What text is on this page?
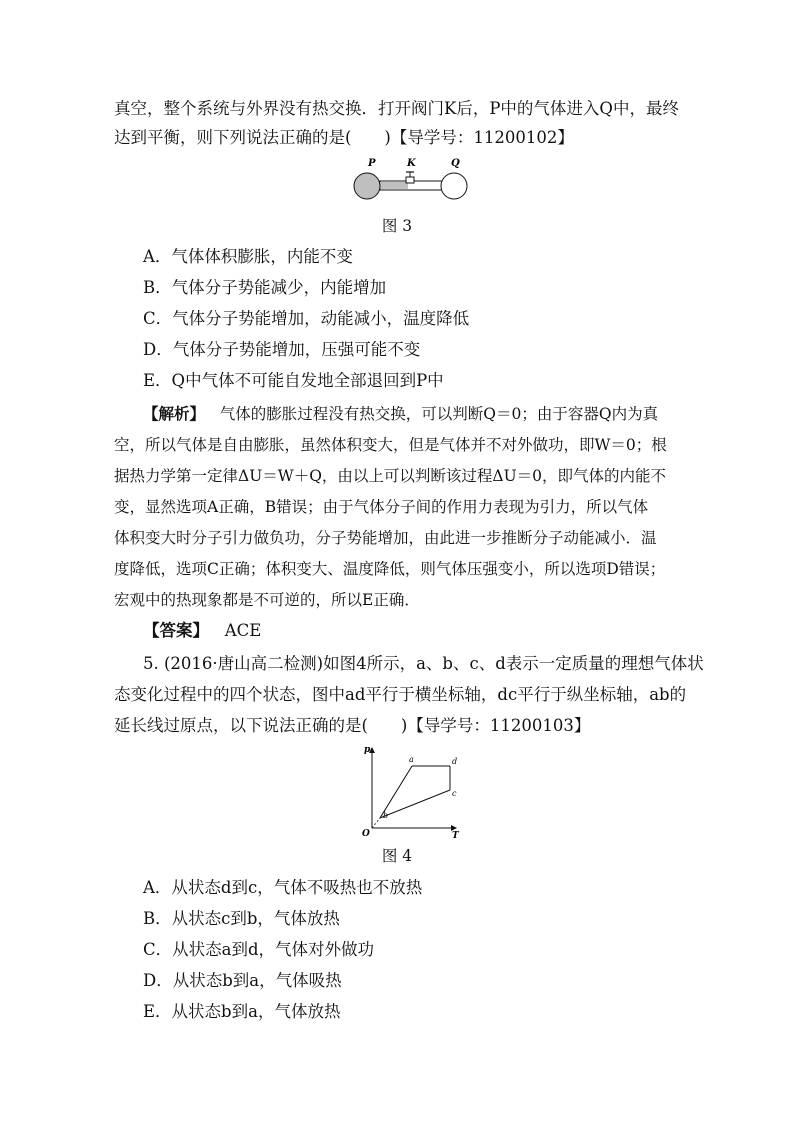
真空，整个系统与外界没有热交换．打开阀门K后，P中的气体进入Q中，最终
达到平衡，则下列说法正确的是(　　)【导学号：11200102】
P	K	Q
图 3
A．气体体积膨胀，内能不变
B．气体分子势能减少，内能增加
C．气体分子势能增加，动能减小，温度降低
D．气体分子势能增加，压强可能不变
E．Q中气体不可能自发地全部退回到P中
【解析】 气体的膨胀过程没有热交换，可以判断Q＝0；由于容器Q内为真
空，所以气体是自由膨胀，虽然体积变大，但是气体并不对外做功，即W＝0；根
据热力学第一定律ΔU＝W＋Q，由以上可以判断该过程ΔU＝0，即气体的内能不
变，显然选项A正确，B错误；由于气体分子间的作用力表现为引力，所以气体
体积变大时分子引力做负功，分子势能增加，由此进一步推断分子动能减小．温
度降低，选项C正确；体积变大、温度降低，则气体压强变小，所以选项D错误；
宏观中的热现象都是不可逆的，所以E正确．
【答案】 ACE
5. (2016·唐山高二检测)如图4所示，a、b、c、d表示一定质量的理想气体状
态变化过程中的四个状态，图中ad平行于横坐标轴，dc平行于纵坐标轴，ab的
延长线过原点，以下说法正确的是(　　)【导学号：11200103】
p
T
O
a	d
c
b
图 4
A．从状态d到c，气体不吸热也不放热
B．从状态c到b，气体放热
C．从状态a到d，气体对外做功
D．从状态b到a，气体吸热
E．从状态b到a，气体放热
